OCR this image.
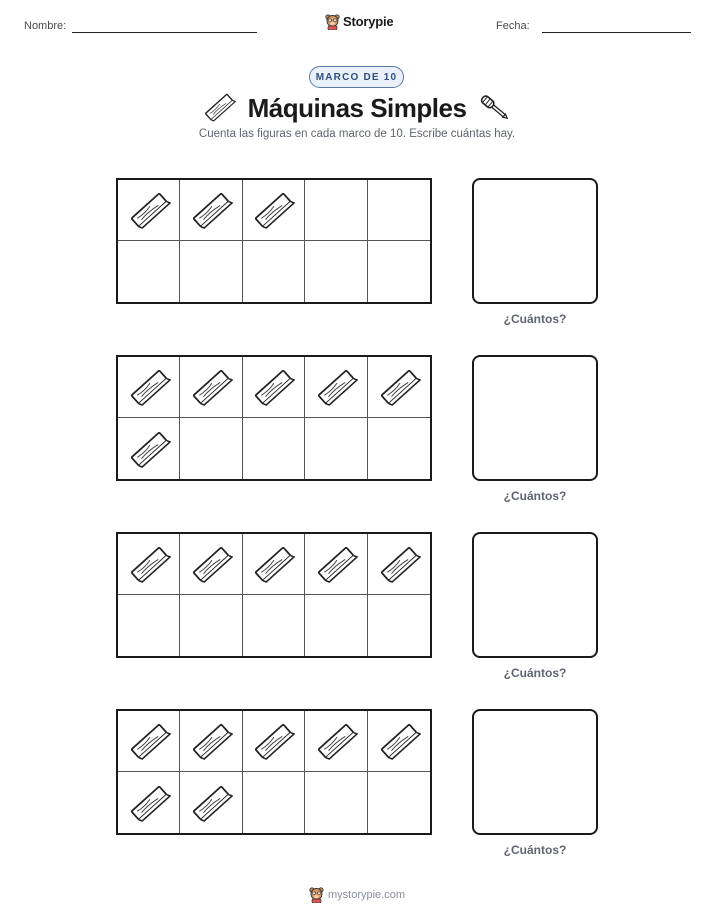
Nombre:	Storypie	Fecha:
MARCO DE 10
Máquinas Simples
Cuenta las figuras en cada marco de 10. Escribe cuántas hay.
¿Cuántos?
¿Cuántos?
¿Cuántos?
¿Cuántos?
mystorypie.com
